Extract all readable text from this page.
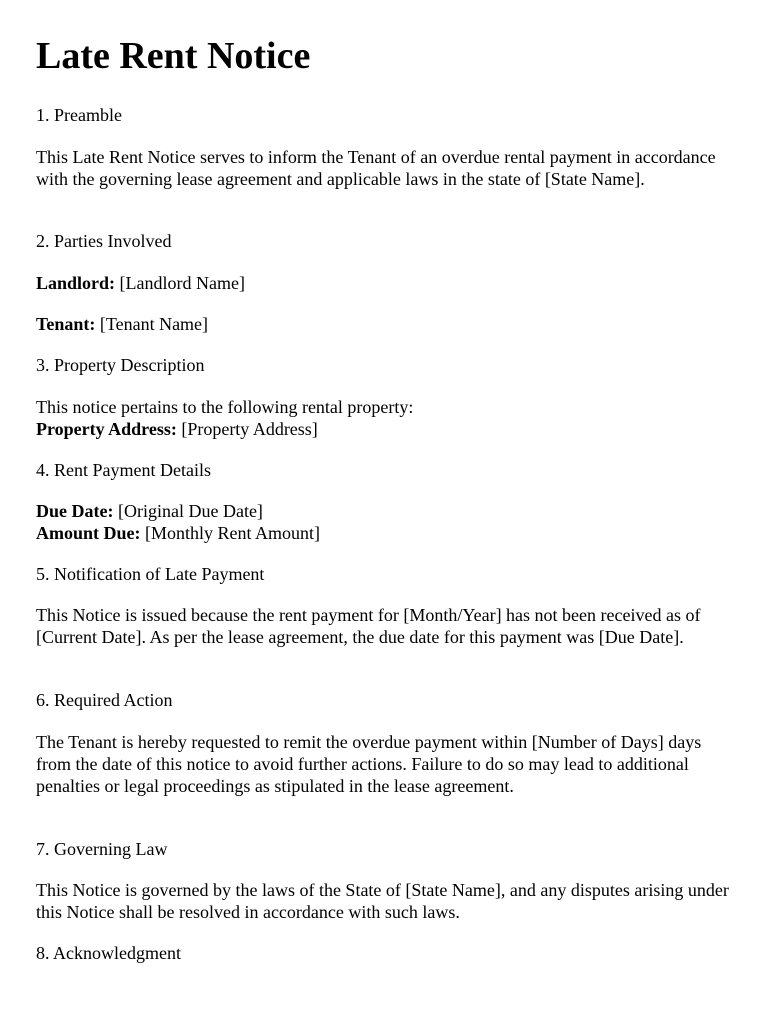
Late Rent Notice

1. Preamble

This Late Rent Notice serves to inform the Tenant of an overdue rental payment in accordance with the governing lease agreement and applicable laws in the state of [State Name].

2. Parties Involved

Landlord: [Landlord Name]

Tenant: [Tenant Name]

3. Property Description

This notice pertains to the following rental property:

Property Address: [Property Address]

4. Rent Payment Details

Due Date: [Original Due Date]

Amount Due: [Monthly Rent Amount]

5. Notification of Late Payment

This Notice is issued because the rent payment for [Month/Year] has not been received as of [Current Date]. As per the lease agreement, the due date for this payment was [Due Date].

6. Required Action

The Tenant is hereby requested to remit the overdue payment within [Number of Days] days from the date of this notice to avoid further actions. Failure to do so may lead to additional penalties or legal proceedings as stipulated in the lease agreement.

7. Governing Law

This Notice is governed by the laws of the State of [State Name], and any disputes arising under this Notice shall be resolved in accordance with such laws.

8. Acknowledgment
